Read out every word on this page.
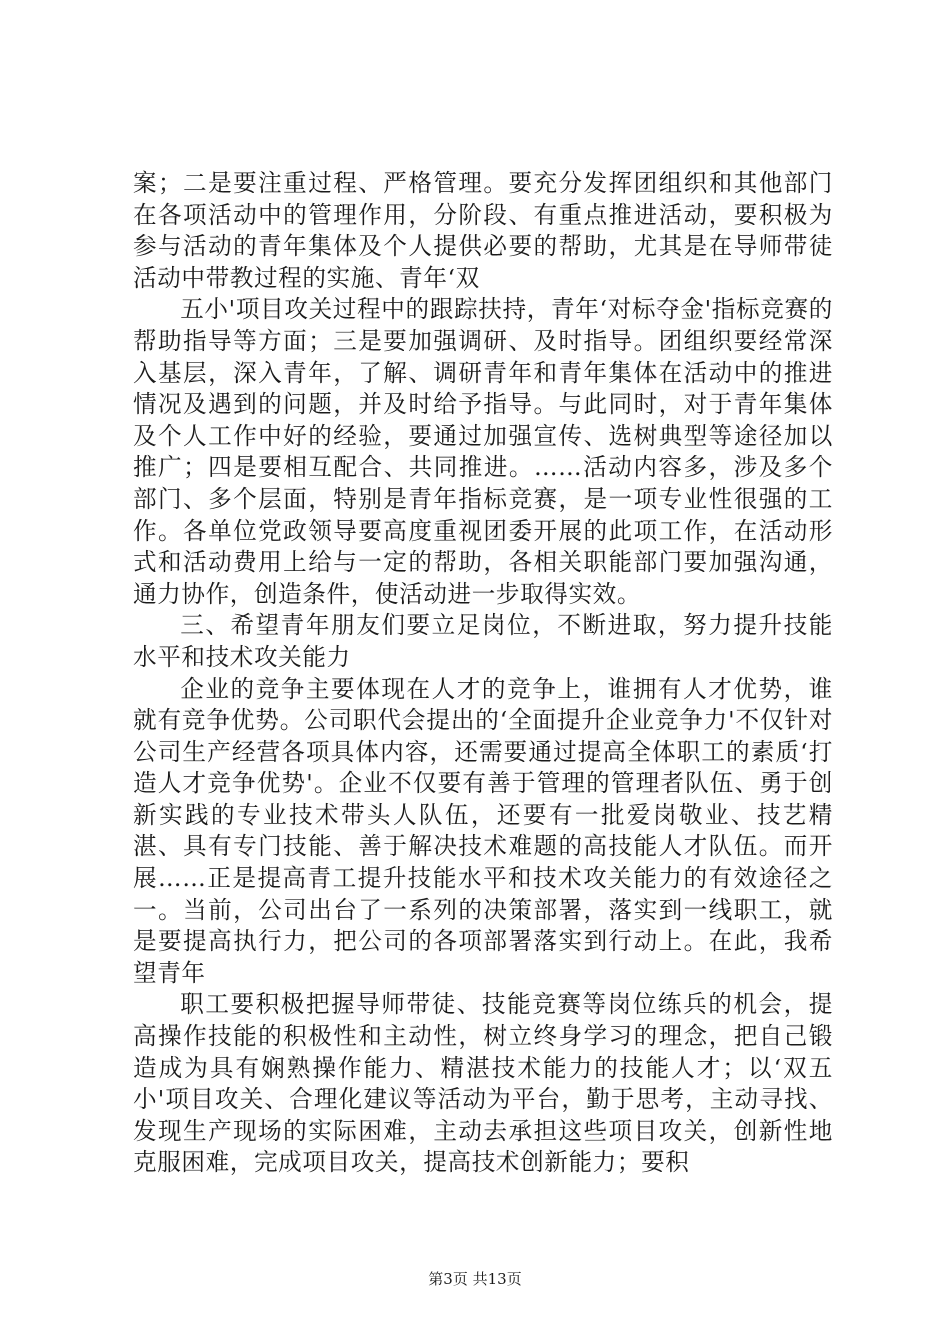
案；二是要注重过程、严格管理。要充分发挥团组织和其他部门在各项活动中的管理作用，分阶段、有重点推进活动，要积极为参与活动的青年集体及个人提供必要的帮助，尤其是在导师带徒活动中带教过程的实施、青年‘双

五小'项目攻关过程中的跟踪扶持，青年‘对标夺金'指标竞赛的帮助指导等方面；三是要加强调研、及时指导。团组织要经常深入基层，深入青年，了解、调研青年和青年集体在活动中的推进情况及遇到的问题，并及时给予指导。与此同时，对于青年集体及个人工作中好的经验，要通过加强宣传、选树典型等途径加以推广；四是要相互配合、共同推进。……活动内容多，涉及多个部门、多个层面，特别是青年指标竞赛，是一项专业性很强的工作。各单位党政领导要高度重视团委开展的此项工作，在活动形式和活动费用上给与一定的帮助，各相关职能部门要加强沟通，通力协作，创造条件，使活动进一步取得实效。

三、希望青年朋友们要立足岗位，不断进取，努力提升技能水平和技术攻关能力

企业的竞争主要体现在人才的竞争上，谁拥有人才优势，谁就有竞争优势。公司职代会提出的‘全面提升企业竞争力'不仅针对公司生产经营各项具体内容，还需要通过提高全体职工的素质‘打造人才竞争优势'。企业不仅要有善于管理的管理者队伍、勇于创新实践的专业技术带头人队伍，还要有一批爱岗敬业、技艺精湛、具有专门技能、善于解决技术难题的高技能人才队伍。而开展……正是提高青工提升技能水平和技术攻关能力的有效途径之一。当前，公司出台了一系列的决策部署，落实到一线职工，就是要提高执行力，把公司的各项部署落实到行动上。在此，我希望青年

职工要积极把握导师带徒、技能竞赛等岗位练兵的机会，提高操作技能的积极性和主动性，树立终身学习的理念，把自己锻造成为具有娴熟操作能力、精湛技术能力的技能人才；以‘双五小'项目攻关、合理化建议等活动为平台，勤于思考，主动寻找、发现生产现场的实际困难，主动去承担这些项目攻关，创新性地克服困难，完成项目攻关，提高技术创新能力；要积

第3页 共13页
